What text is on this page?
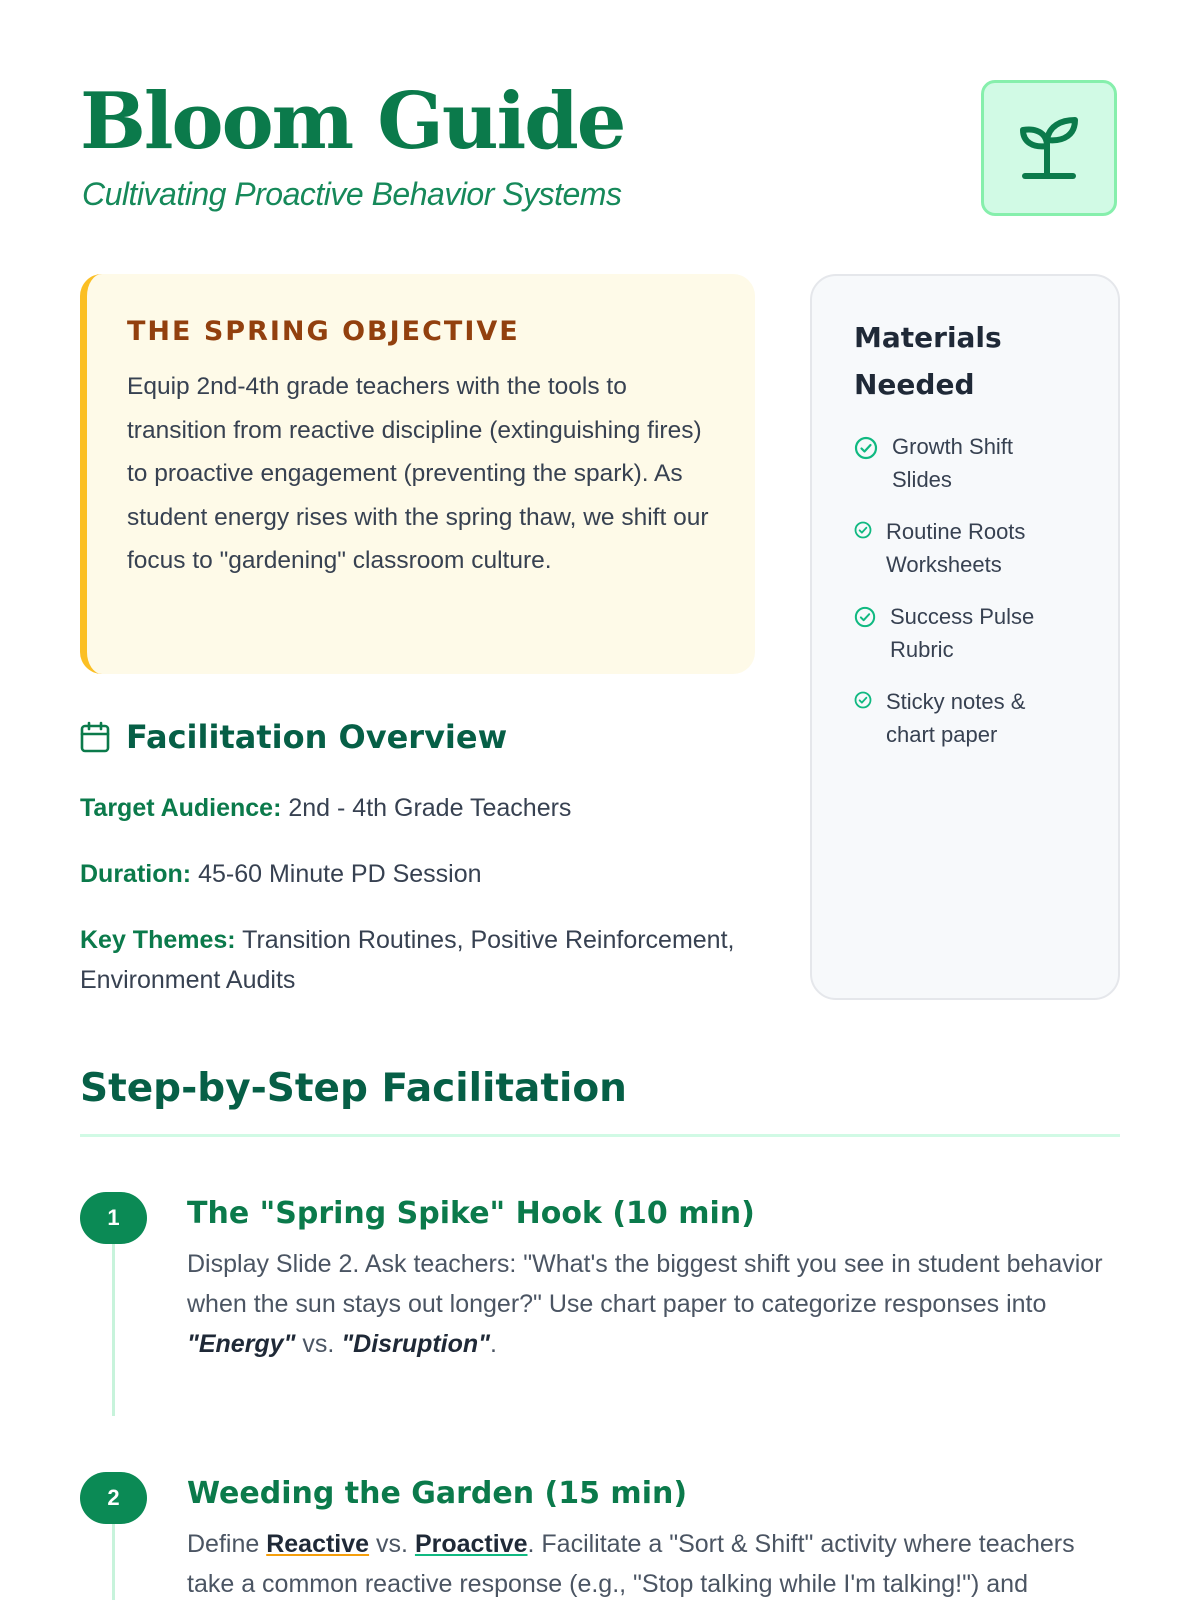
Bloom Guide
Cultivating Proactive Behavior Systems
THE SPRING OBJECTIVE

Equip 2nd-4th grade teachers with the tools to transition from reactive discipline (extinguishing fires) to proactive engagement (preventing the spark). As student energy rises with the spring thaw, we shift our focus to "gardening" classroom culture.

Materials Needed
Growth Shift Slides
Routine Roots Worksheets
Success Pulse Rubric
Sticky notes & chart paper
Facilitation Overview

Target Audience: 2nd - 4th Grade Teachers

Duration: 45-60 Minute PD Session

Key Themes: Transition Routines, Positive Reinforcement, Environment Audits

Step-by-Step Facilitation
1	The "Spring Spike" Hook (10 min)

Display Slide 2. Ask teachers: "What's the biggest shift you see in student behavior when the sun stays out longer?" Use chart paper to categorize responses into "Energy" vs. "Disruption".

2	Weeding the Garden (15 min)

Define Reactive vs. Proactive. Facilitate a "Sort & Shift" activity where teachers take a common reactive response (e.g., "Stop talking while I'm talking!") and
